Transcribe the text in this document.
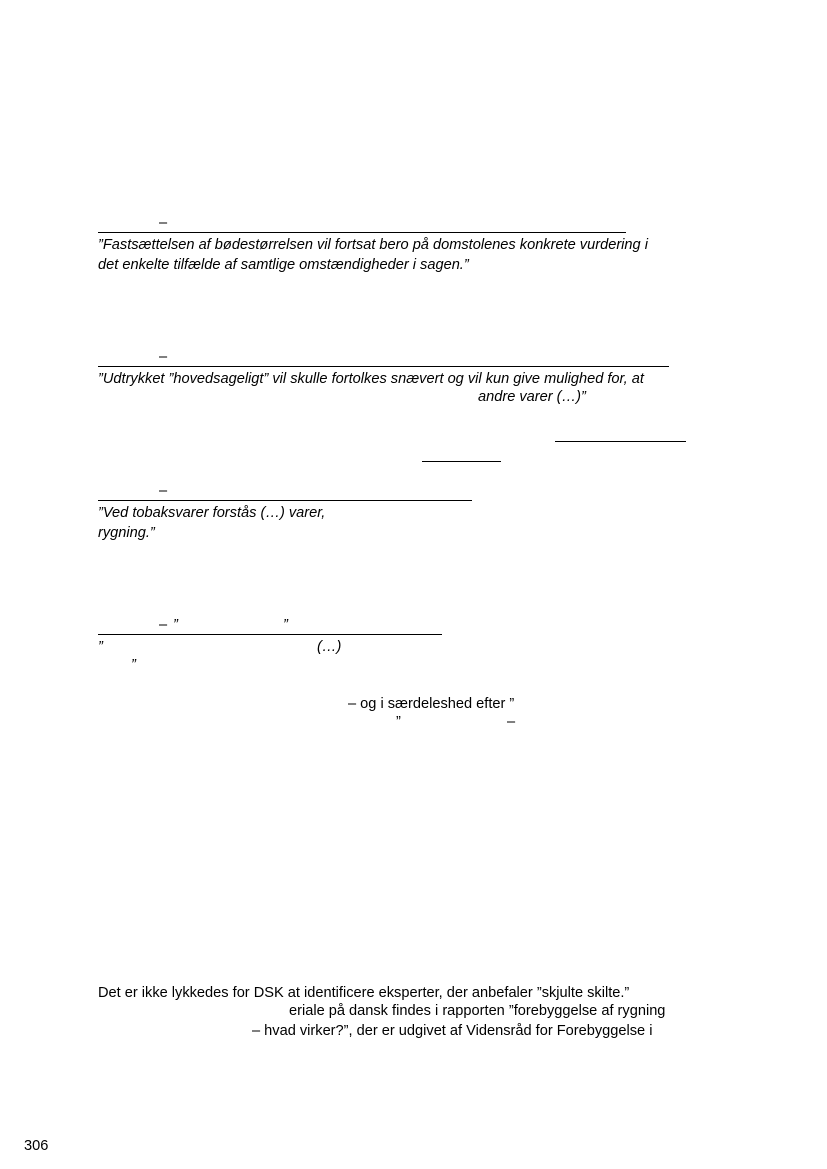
–
”Fastsættelsen af bødestørrelsen vil fortsat bero på domstolenes konkrete vurdering i
det enkelte tilfælde af samtlige omstændigheder i sagen.”
–
”Udtrykket ”hovedsageligt” vil skulle fortolkes snævert og vil kun give mulighed for, at
andre varer (…)”
–
”Ved tobaksvarer forstås (…) varer,
rygning.”
– ”	”
”	(…)
”
– og i særdeleshed efter ”
”	–
Det er ikke lykkedes for DSK at identificere eksperter, der anbefaler ”skjulte skilte.”
eriale på dansk findes i rapporten ”forebyggelse af rygning
– hvad virker?”, der er udgivet af Vidensråd for Forebyggelse i
306
